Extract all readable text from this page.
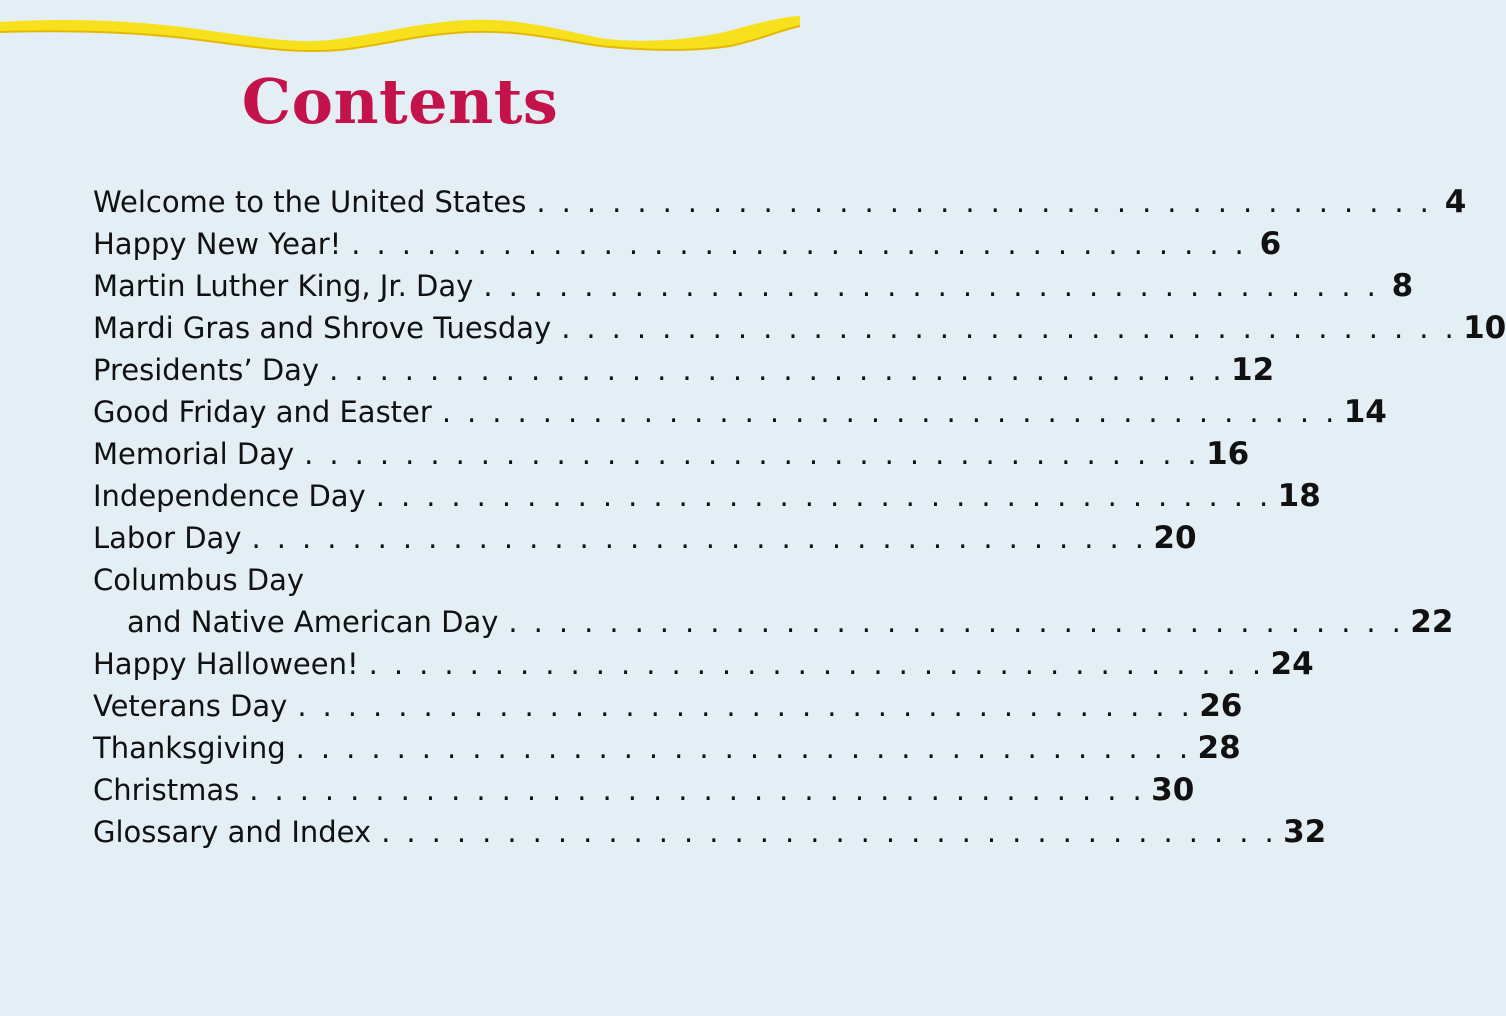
Contents
Welcome to the United States . . . . . . . . . . . . . . . . . . . . . . . . . . . . . . . . . . . . 4
Happy New Year! . . . . . . . . . . . . . . . . . . . . . . . . . . . . . . . . . . . . 6
Martin Luther King, Jr. Day . . . . . . . . . . . . . . . . . . . . . . . . . . . . . . . . . . . . 8
Mardi Gras and Shrove Tuesday . . . . . . . . . . . . . . . . . . . . . . . . . . . . . . . . . . . . 10
Presidents’ Day . . . . . . . . . . . . . . . . . . . . . . . . . . . . . . . . . . . . 12
Good Friday and Easter . . . . . . . . . . . . . . . . . . . . . . . . . . . . . . . . . . . . 14
Memorial Day . . . . . . . . . . . . . . . . . . . . . . . . . . . . . . . . . . . . 16
Independence Day . . . . . . . . . . . . . . . . . . . . . . . . . . . . . . . . . . . . 18
Labor Day . . . . . . . . . . . . . . . . . . . . . . . . . . . . . . . . . . . . 20
Columbus Day
and Native American Day . . . . . . . . . . . . . . . . . . . . . . . . . . . . . . . . . . . . 22
Happy Halloween! . . . . . . . . . . . . . . . . . . . . . . . . . . . . . . . . . . . . 24
Veterans Day . . . . . . . . . . . . . . . . . . . . . . . . . . . . . . . . . . . . 26
Thanksgiving . . . . . . . . . . . . . . . . . . . . . . . . . . . . . . . . . . . . 28
Christmas . . . . . . . . . . . . . . . . . . . . . . . . . . . . . . . . . . . . 30
Glossary and Index . . . . . . . . . . . . . . . . . . . . . . . . . . . . . . . . . . . . 32
